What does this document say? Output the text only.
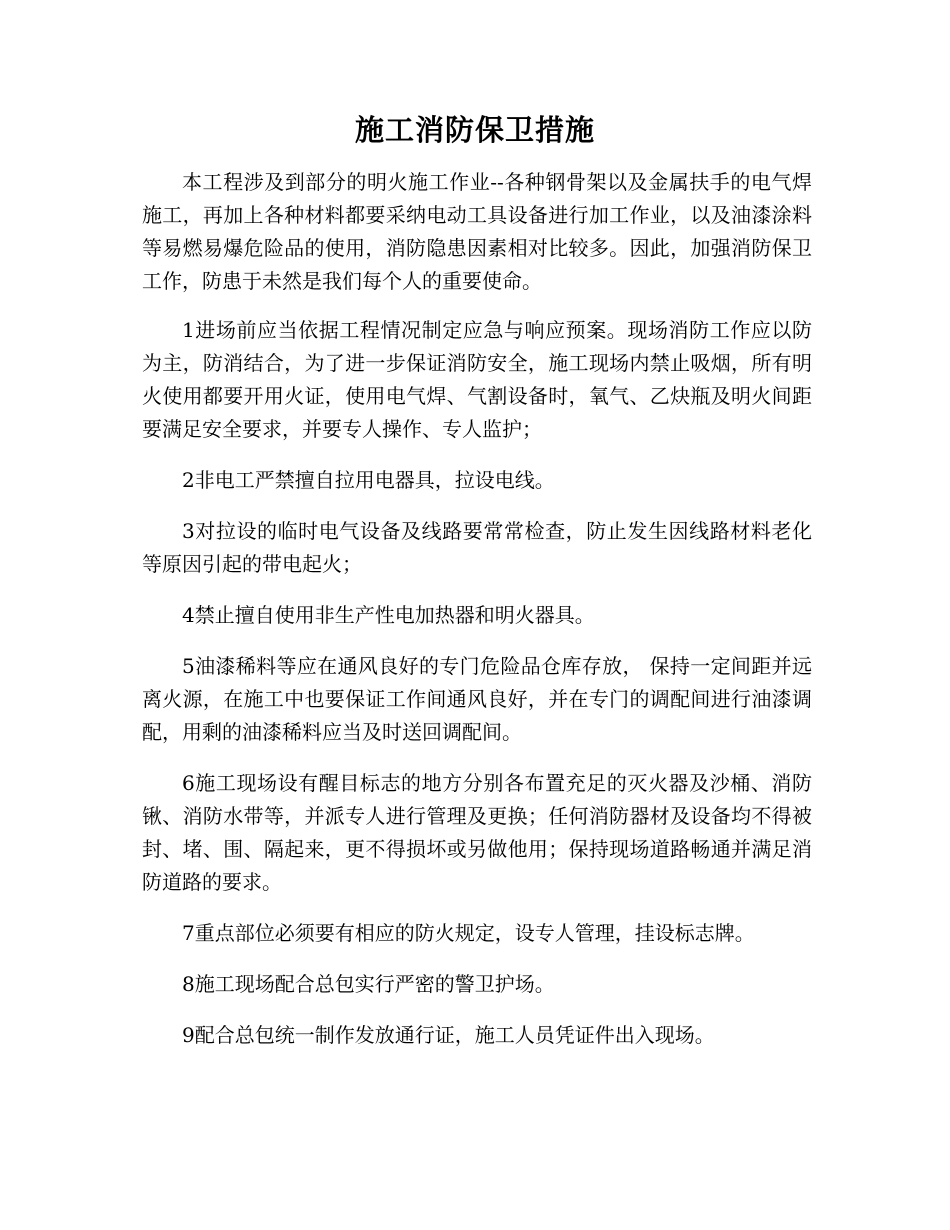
施工消防保卫措施

本工程涉及到部分的明火施工作业--各种钢骨架以及金属扶手的电气焊施工，再加上各种材料都要采纳电动工具设备进行加工作业，以及油漆涂料等易燃易爆危险品的使用，消防隐患因素相对比较多。因此，加强消防保卫工作，防患于未然是我们每个人的重要使命。

1进场前应当依据工程情况制定应急与响应预案。现场消防工作应以防为主，防消结合，为了进一步保证消防安全，施工现场内禁止吸烟，所有明火使用都要开用火证，使用电气焊、气割设备时，氧气、乙炔瓶及明火间距要满足安全要求，并要专人操作、专人监护；

2非电工严禁擅自拉用电器具，拉设电线。

3对拉设的临时电气设备及线路要常常检查，防止发生因线路材料老化等原因引起的带电起火；

4禁止擅自使用非生产性电加热器和明火器具。

5油漆稀料等应在通风良好的专门危险品仓库存放， 保持一定间距并远离火源，在施工中也要保证工作间通风良好，并在专门的调配间进行油漆调配，用剩的油漆稀料应当及时送回调配间。

6施工现场设有醒目标志的地方分别各布置充足的灭火器及沙桶、消防锹、消防水带等，并派专人进行管理及更换；任何消防器材及设备均不得被封、堵、围、隔起来，更不得损坏或另做他用；保持现场道路畅通并满足消防道路的要求。

7重点部位必须要有相应的防火规定，设专人管理，挂设标志牌。

8施工现场配合总包实行严密的警卫护场。

9配合总包统一制作发放通行证，施工人员凭证件出入现场。
